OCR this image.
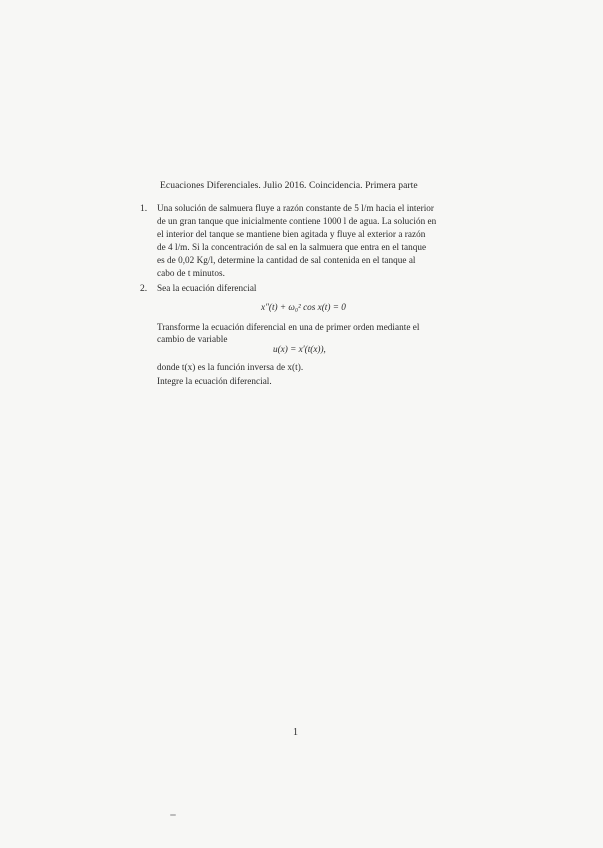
Ecuaciones Diferenciales. Julio 2016. Coincidencia. Primera parte
1. Una solución de salmuera fluye a razón constante de 5 l/m hacia el interior
de un gran tanque que inicialmente contiene 1000 l de agua. La solución en
el interior del tanque se mantiene bien agitada y fluye al exterior a razón
de 4 l/m. Si la concentración de sal en la salmuera que entra en el tanque
es de 0,02 Kg/l, determine la cantidad de sal contenida en el tanque al
cabo de t minutos.
2. Sea la ecuación diferencial
x″(t) + ω₀² cos x(t) = 0
Transforme la ecuación diferencial en una de primer orden mediante el
cambio de variable
u(x) = x′(t(x)),
donde t(x) es la función inversa de x(t).
Integre la ecuación diferencial.
1
